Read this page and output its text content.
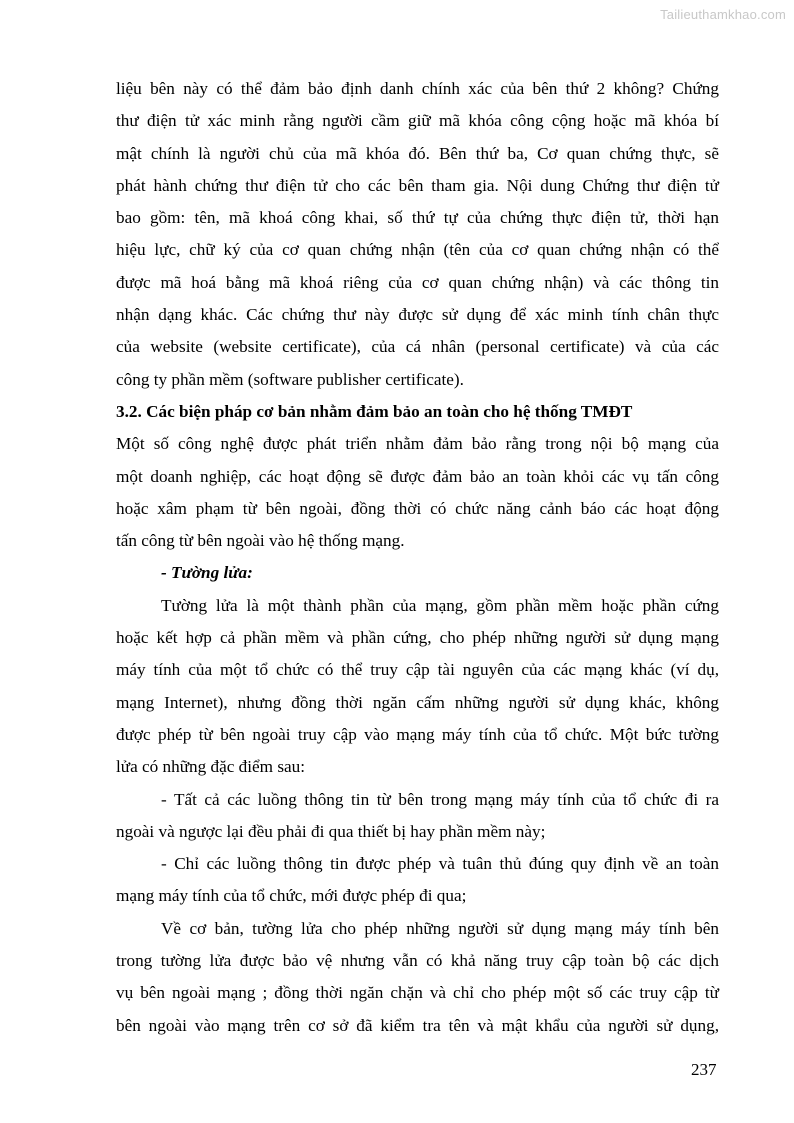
Tailieuthamkhao.com
liệu bên này có thể đảm bảo định danh chính xác của bên thứ 2 không? Chứng
thư điện tử xác minh rằng người cầm giữ mã khóa công cộng hoặc mã khóa bí
mật chính là người chủ của mã khóa đó. Bên thứ ba, Cơ quan chứng thực, sẽ
phát hành chứng thư điện tử cho các bên tham gia. Nội dung Chứng thư điện tử
bao gồm: tên, mã khoá công khai, số thứ tự của chứng thực điện tử, thời hạn
hiệu lực, chữ ký của cơ quan chứng nhận (tên của cơ quan chứng nhận có thể
được mã hoá bằng mã khoá riêng của cơ quan chứng nhận) và các thông tin
nhận dạng khác. Các chứng thư này được sử dụng để xác minh tính chân thực
của website (website certificate), của cá nhân (personal certificate) và của các
công ty phần mềm (software publisher certificate).
3.2. Các biện pháp cơ bản nhằm đảm bảo an toàn cho hệ thống TMĐT
Một số công nghệ được phát triển nhằm đảm bảo rằng trong nội bộ mạng của
một doanh nghiệp, các hoạt động sẽ được đảm bảo an toàn khỏi các vụ tấn công
hoặc xâm phạm từ bên ngoài, đồng thời có chức năng cảnh báo các hoạt động
tấn công từ bên ngoài vào hệ thống mạng.
- Tường lửa:
Tường lửa là một thành phần của mạng, gồm phần mềm hoặc phần cứng
hoặc kết hợp cả phần mềm và phần cứng, cho phép những người sử dụng mạng
máy tính của một tổ chức có thể truy cập tài nguyên của các mạng khác (ví dụ,
mạng Internet), nhưng đồng thời ngăn cấm những người sử dụng khác, không
được phép từ bên ngoài truy cập vào mạng máy tính của tổ chức. Một bức tường
lửa có những đặc điểm sau:
- Tất cả các luồng thông tin từ bên trong mạng máy tính của tổ chức đi ra
ngoài và ngược lại đều phải đi qua thiết bị hay phần mềm này;
- Chỉ các luồng thông tin được phép và tuân thủ đúng quy định về an toàn
mạng máy tính của tổ chức, mới được phép đi qua;
Về cơ bản, tường lửa cho phép những người sử dụng mạng máy tính bên
trong tường lửa được bảo vệ nhưng vẫn có khả năng truy cập toàn bộ các dịch
vụ bên ngoài mạng ; đồng thời ngăn chặn và chỉ cho phép một số các truy cập từ
bên ngoài vào mạng trên cơ sở đã kiểm tra tên và mật khẩu của người sử dụng,
237
